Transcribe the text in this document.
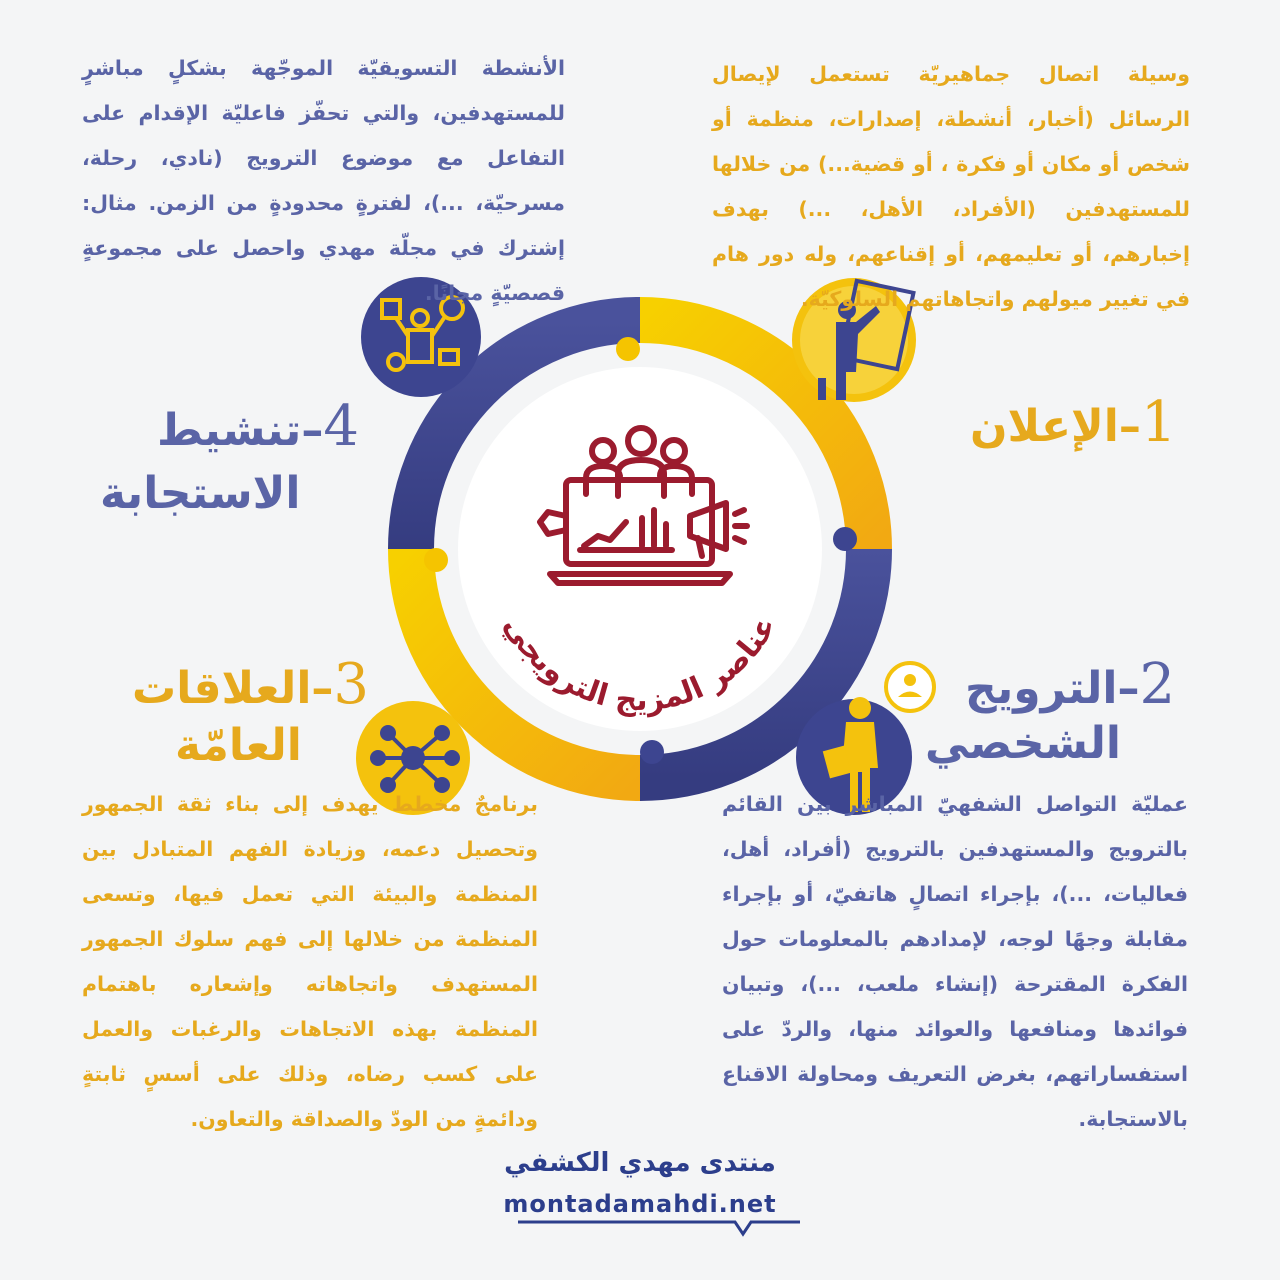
عناصر المزيج الترويجي
1–الإعلان
2–الترويج
الشخصي
3–العلاقات
العامّة
4–تنشيط
الاستجابة

وسيلة اتصال جماهيريّة تستعمل لإيصال الرسائل (أخبار، أنشطة، إصدارات، منظمة أو شخص أو مكان أو فكرة ، أو قضية...) من خلالها للمستهدفين (الأفراد، الأهل، ...) بهدف إخبارهم، أو تعليمهم، أو إقناعهم، وله دور هام في تغيير ميولهم واتجاهاتهم السلوكيّة.

الأنشطة التسويقيّة الموجّهة بشكلٍ مباشرٍ للمستهدفين، والتي تحفّز فاعليّة الإقدام على التفاعل مع موضوع الترويج (نادي، رحلة، مسرحيّة، ...)، لفترةٍ محدودةٍ من الزمن. مثال: إشترك في مجلّة مهدي واحصل على مجموعةٍ قصصيّةٍ مجانًا.

عمليّة التواصل الشفهيّ المباشر بين القائم بالترويج والمستهدفين بالترويج (أفراد، أهل، فعاليات، ...)، بإجراء اتصالٍ هاتفيّ، أو بإجراء مقابلة وجهًا لوجه، لإمدادهم بالمعلومات حول الفكرة المقترحة (إنشاء ملعب، ...)، وتبيان فوائدها ومنافعها والعوائد منها، والردّ على استفساراتهم، بغرض التعريف ومحاولة الاقناع بالاستجابة.

برنامجٌ مخطط يهدف إلى بناء ثقة الجمهور وتحصيل دعمه، وزيادة الفهم المتبادل بين المنظمة والبيئة التي تعمل فيها، وتسعى المنظمة من خلالها إلى فهم سلوك الجمهور المستهدف واتجاهاته وإشعاره باهتمام المنظمة بهذه الاتجاهات والرغبات والعمل على كسب رضاه، وذلك على أسسٍ ثابتةٍ ودائمةٍ من الودّ والصداقة والتعاون.

منتدى مهدي الكشفي
montadamahdi.net
